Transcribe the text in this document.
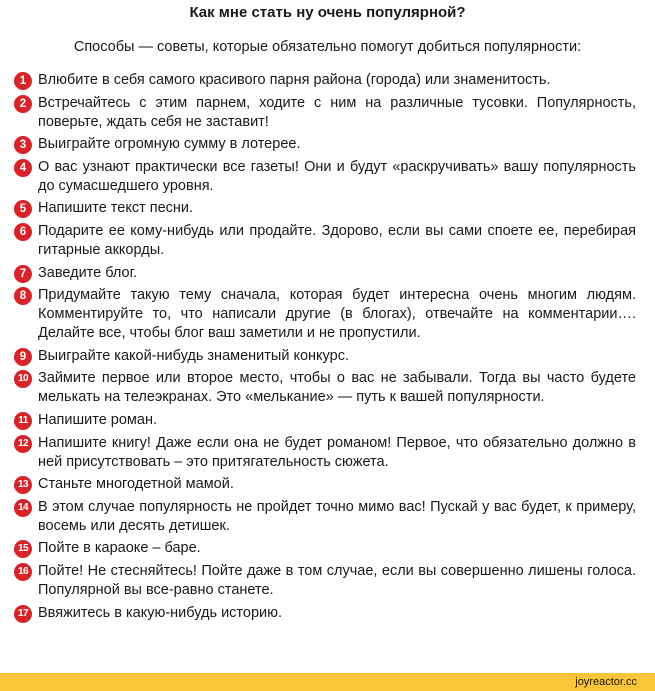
Как мне стать ну очень популярной?
Способы — советы, которые обязательно помогут добиться популярности:
1 Влюбите в себя самого красивого парня района (города) или знаменитость.
2 Встречайтесь с этим парнем, ходите с ним на различные тусовки. Популярность, поверьте, ждать себя не заставит!
3 Выиграйте огромную сумму в лотерее.
4 О вас узнают практически все газеты! Они и будут «раскручивать» вашу популярность до сумасшедшего уровня.
5 Напишите текст песни.
6 Подарите ее кому-нибудь или продайте. Здорово, если вы сами споете ее, перебирая гитарные аккорды.
7 Заведите блог.
8 Придумайте такую тему сначала, которая будет интересна очень многим людям. Комментируйте то, что написали другие (в блогах), отвечайте на комментарии…. Делайте все, чтобы блог ваш заметили и не пропустили.
9 Выиграйте какой-нибудь знаменитый конкурс.
10 Займите первое или второе место, чтобы о вас не забывали. Тогда вы часто будете мелькать на телеэкранах. Это «мелькание» — путь к вашей популярности.
11 Напишите роман.
12 Напишите книгу! Даже если она не будет романом! Первое, что обязательно должно в ней присутствовать – это притягательность сюжета.
13 Станьте многодетной мамой.
14 В этом случае популярность не пройдет точно мимо вас! Пускай у вас будет, к примеру, восемь или десять детишек.
15 Пойте в караоке – баре.
16 Пойте! Не стесняйтесь! Пойте даже в том случае, если вы совершенно лишены голоса. Популярной вы все-равно станете.
17 Ввяжитесь в какую-нибудь историю.
joyreactor.cc
